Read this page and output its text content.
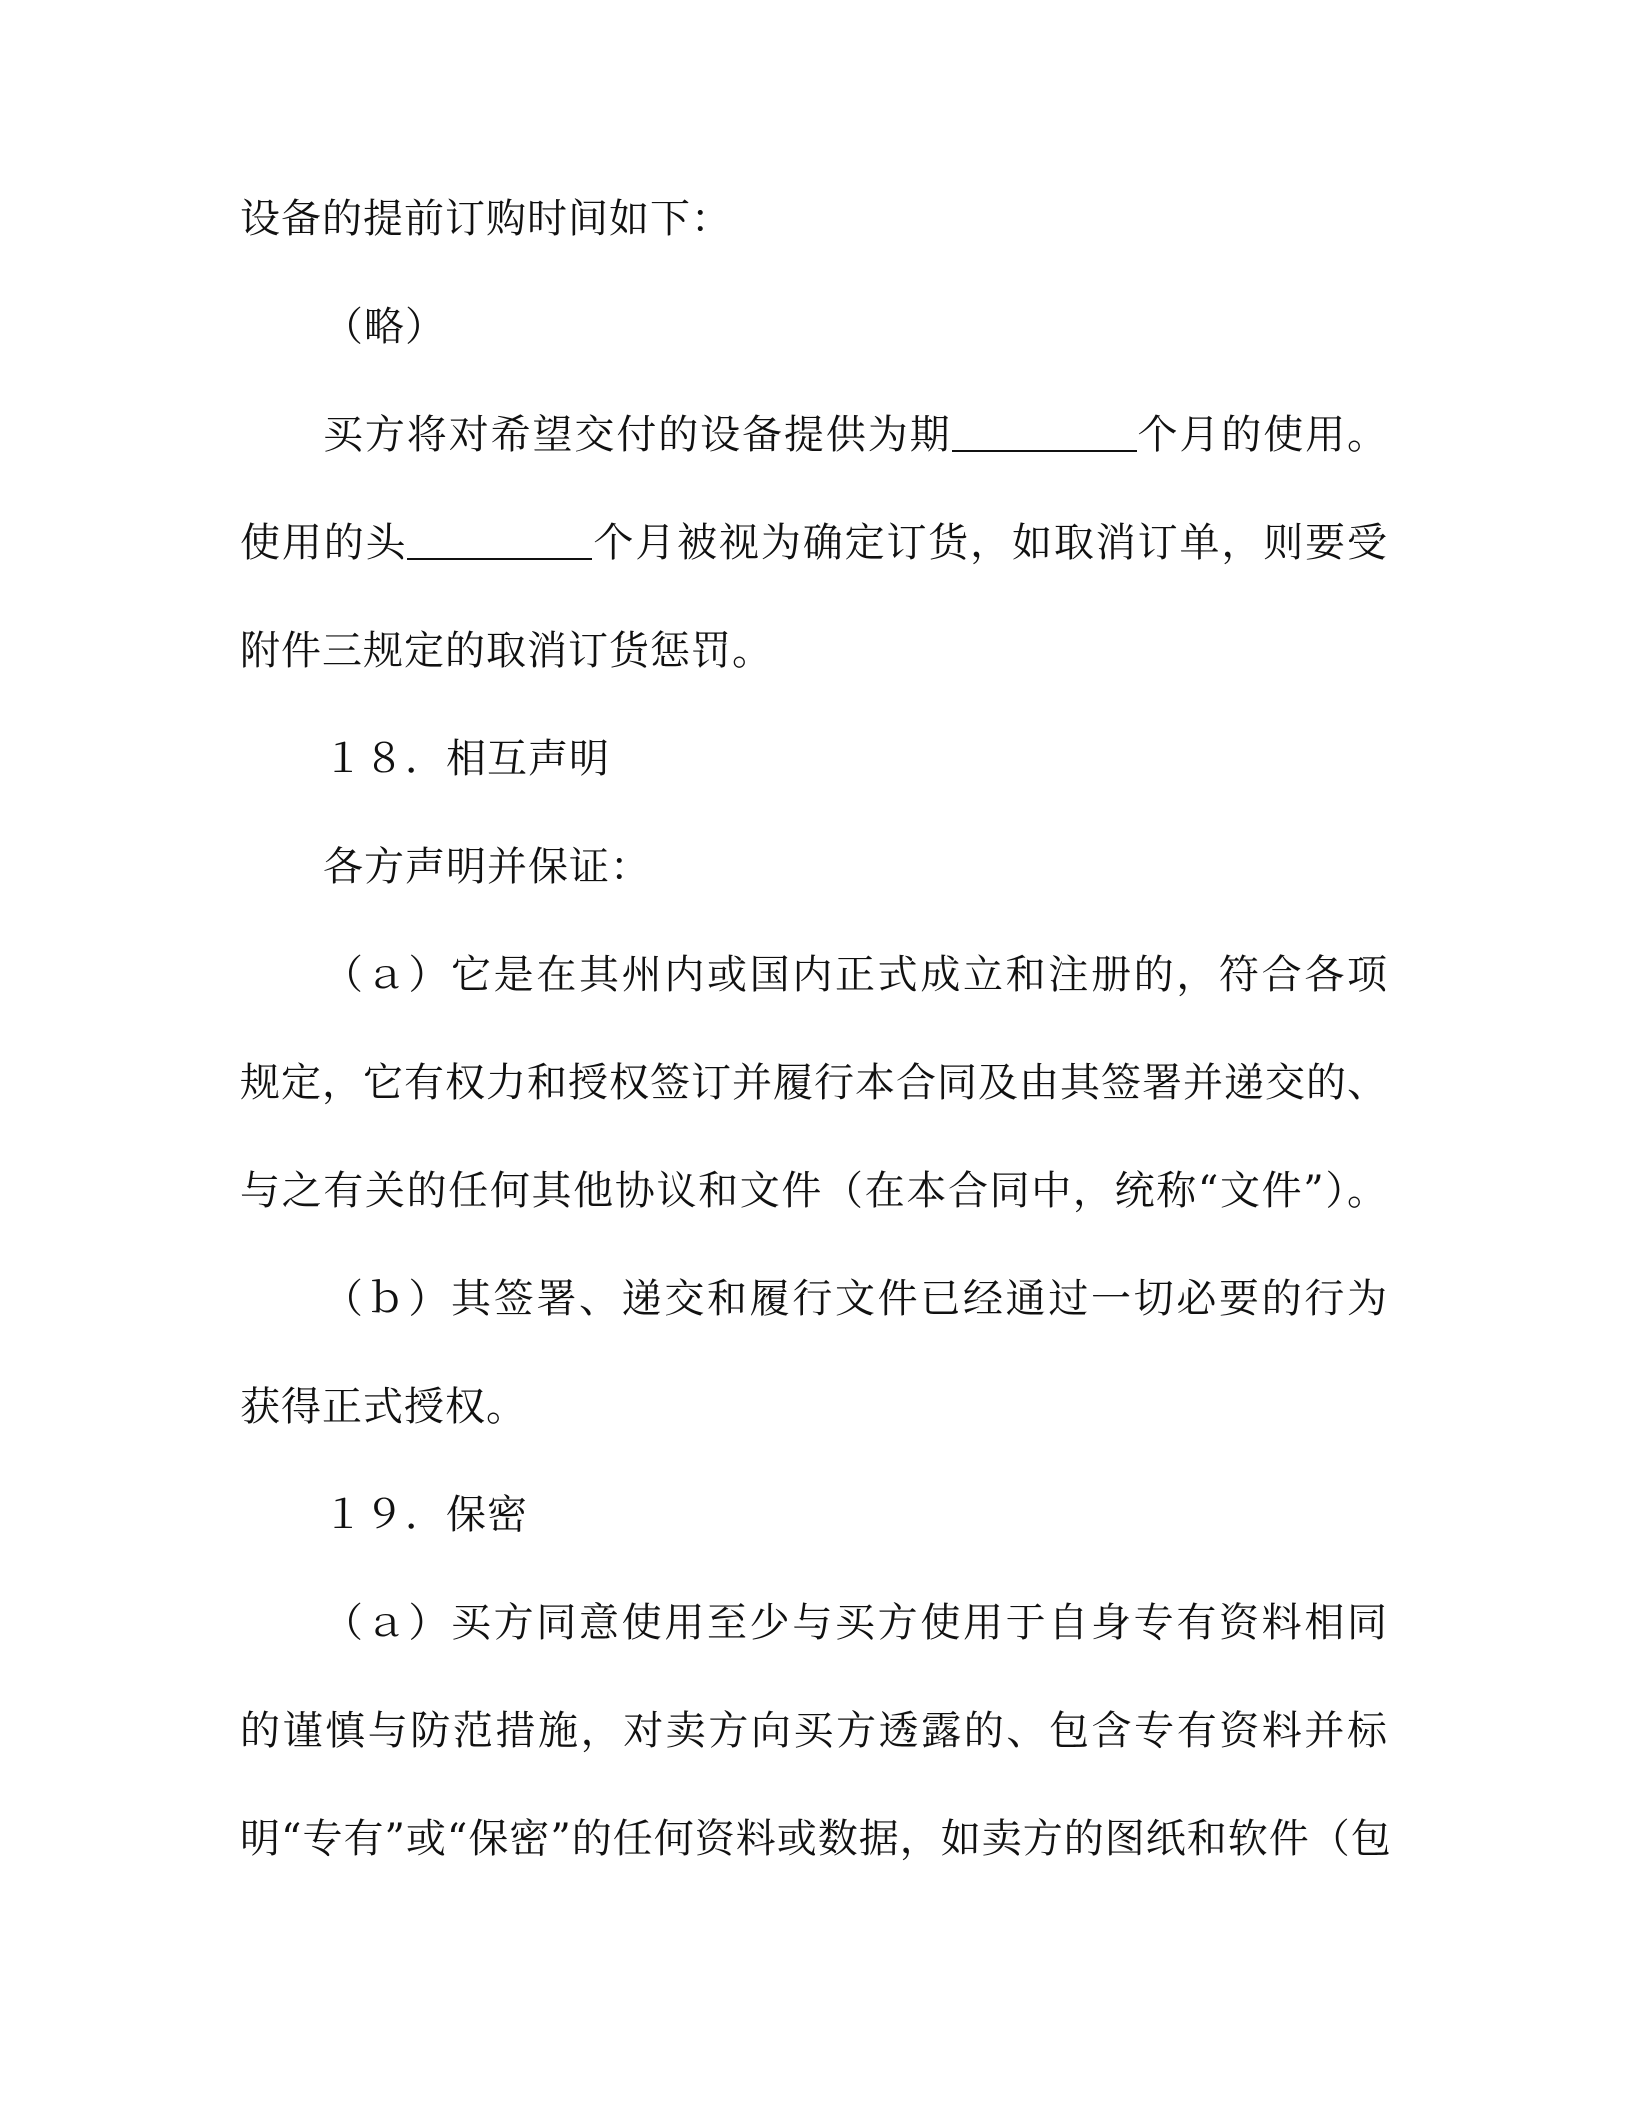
设备的提前订购时间如下：
（略）
买方将对希望交付的设备提供为期	个月的使用。
使用的头	个月被视为确定订货，如取消订单，则要受
附件三规定的取消订货惩罚。
１８．相互声明
各方声明并保证：
（ａ）它是在其州内或国内正式成立和注册的，符合各项
规定，它有权力和授权签订并履行本合同及由其签署并递交的、
与之有关的任何其他协议和文件（在本合同中，统称“文件”）。
（ｂ）其签署、递交和履行文件已经通过一切必要的行为
获得正式授权。
１９．保密
（ａ）买方同意使用至少与买方使用于自身专有资料相同
的谨慎与防范措施，对卖方向买方透露的、包含专有资料并标
明“专有”或“保密”的任何资料或数据，如卖方的图纸和软件（包
